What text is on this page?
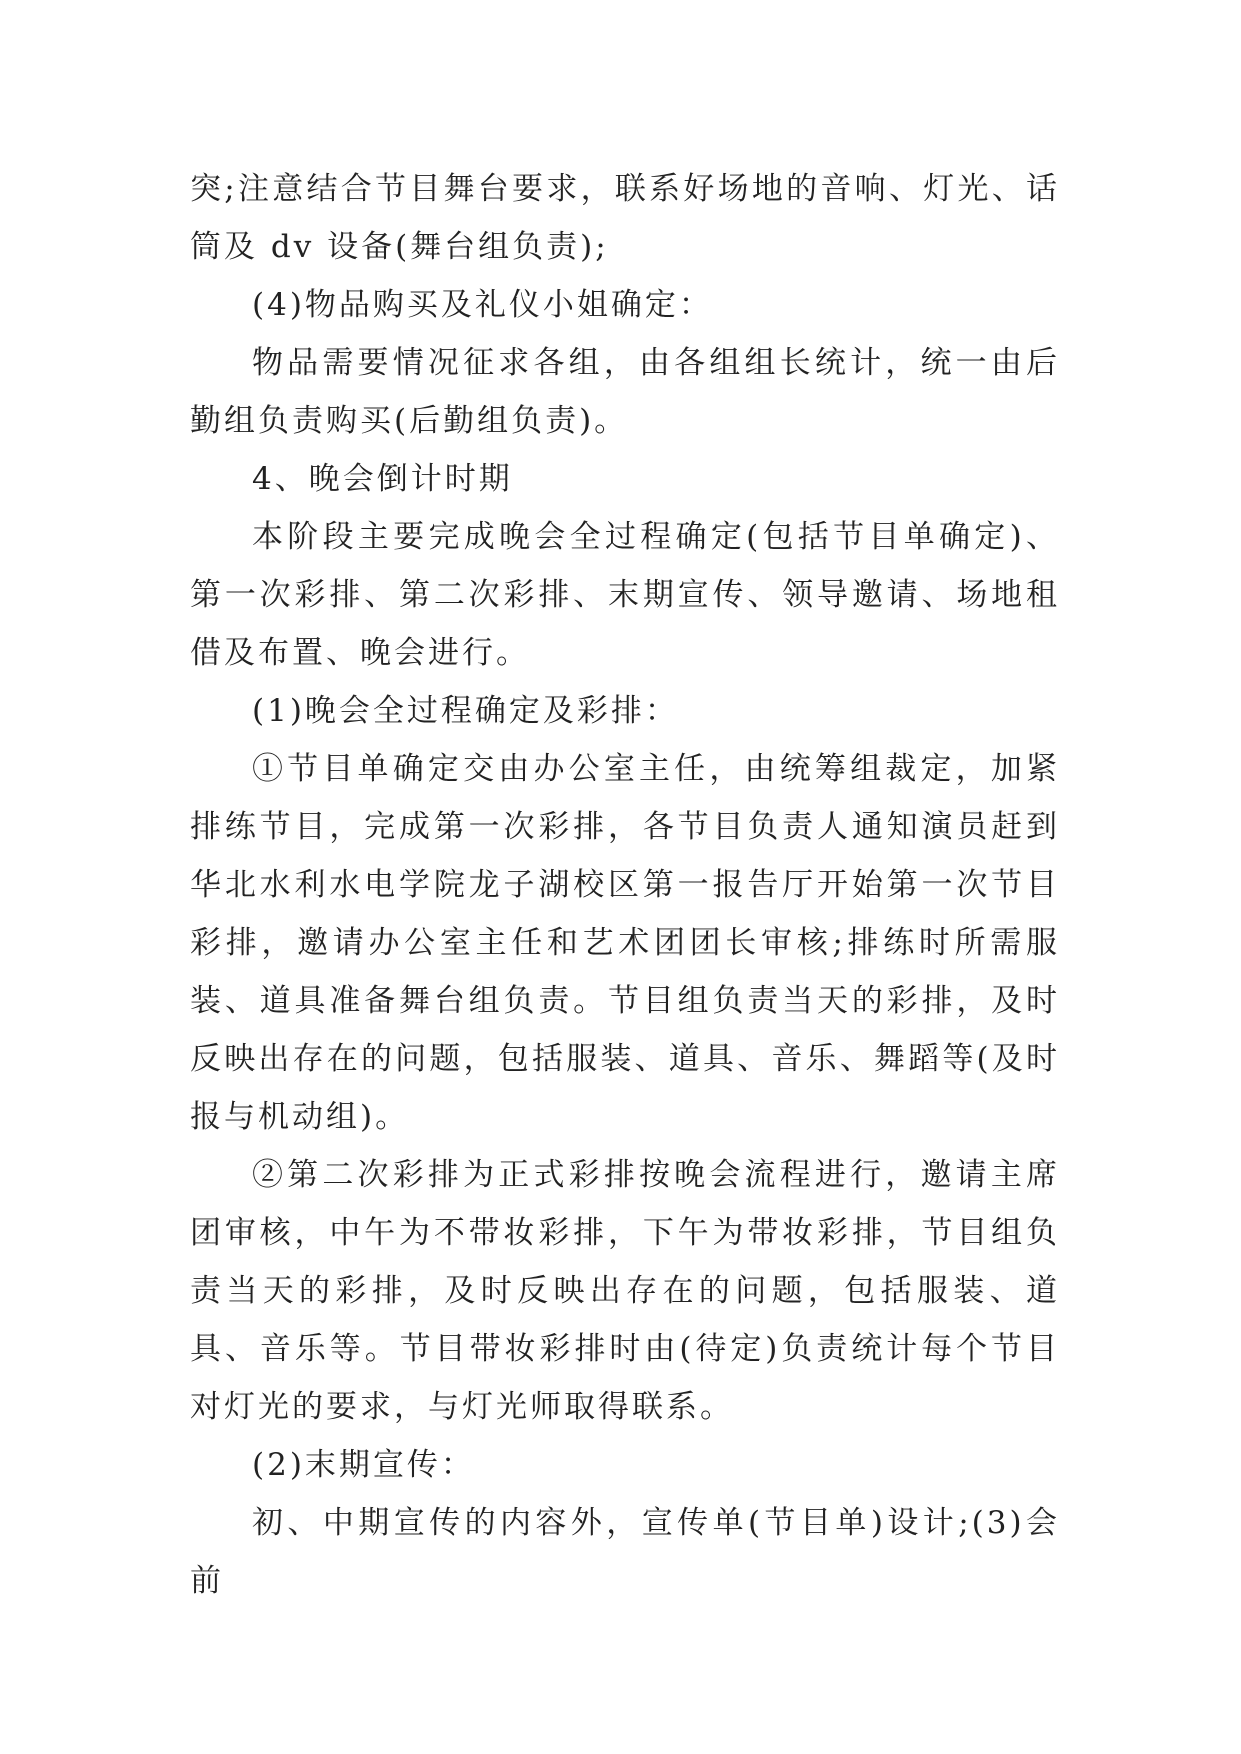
突;注意结合节目舞台要求，联系好场地的音响、灯光、话筒及 dv 设备(舞台组负责);

(4)物品购买及礼仪小姐确定：

物品需要情况征求各组，由各组组长统计，统一由后勤组负责购买(后勤组负责)。

4、晚会倒计时期

本阶段主要完成晚会全过程确定(包括节目单确定)、第一次彩排、第二次彩排、末期宣传、领导邀请、场地租借及布置、晚会进行。

(1)晚会全过程确定及彩排：

①节目单确定交由办公室主任，由统筹组裁定，加紧排练节目，完成第一次彩排，各节目负责人通知演员赶到华北水利水电学院龙子湖校区第一报告厅开始第一次节目彩排，邀请办公室主任和艺术团团长审核;排练时所需服装、道具准备舞台组负责。节目组负责当天的彩排，及时反映出存在的问题，包括服装、道具、音乐、舞蹈等(及时报与机动组)。

②第二次彩排为正式彩排按晚会流程进行，邀请主席团审核，中午为不带妆彩排，下午为带妆彩排，节目组负责当天的彩排，及时反映出存在的问题，包括服装、道具、音乐等。节目带妆彩排时由(待定)负责统计每个节目对灯光的要求，与灯光师取得联系。

(2)末期宣传：

初、中期宣传的内容外，宣传单(节目单)设计;(3)会前
